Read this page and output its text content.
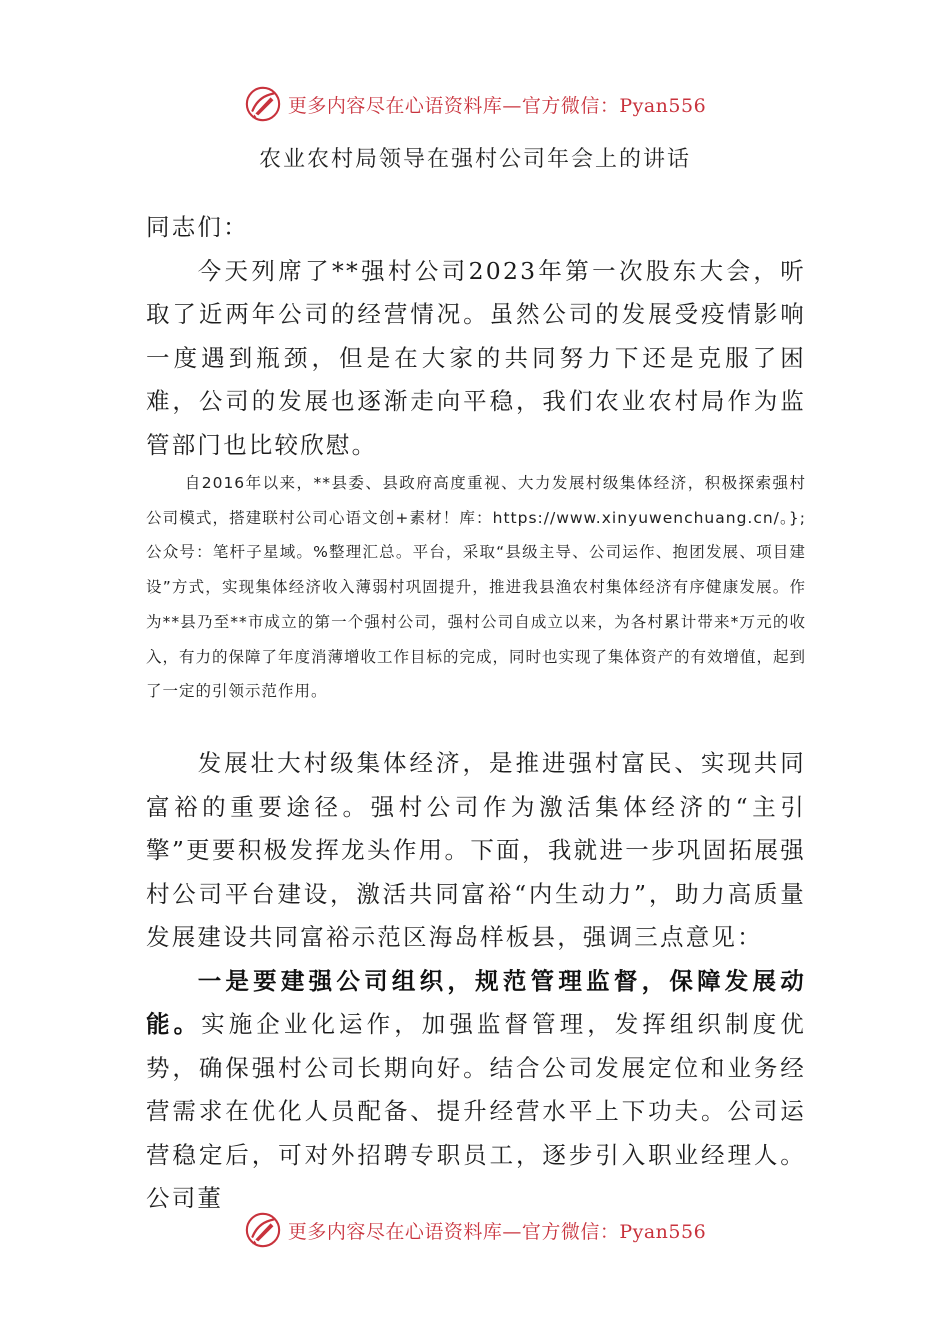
更多内容尽在心语资料库—官方微信：Pyan556
农业农村局领导在强村公司年会上的讲话

同志们：

今天列席了**强村公司2023年第一次股东大会，听取了近两年公司的经营情况。虽然公司的发展受疫情影响一度遇到瓶颈，但是在大家的共同努力下还是克服了困难，公司的发展也逐渐走向平稳，我们农业农村局作为监管部门也比较欣慰。

自2016年以来，**县委、县政府高度重视、大力发展村级集体经济，积极探索强村公司模式，搭建联村公司心语文创+素材！库：https://www.xinyuwenchuang.cn/。};公众号：笔杆子星域。%整理汇总。平台，采取“县级主导、公司运作、抱团发展、项目建设”方式，实现集体经济收入薄弱村巩固提升，推进我县渔农村集体经济有序健康发展。作为**县乃至**市成立的第一个强村公司，强村公司自成立以来，为各村累计带来*万元的收入，有力的保障了年度消薄增收工作目标的完成，同时也实现了集体资产的有效增值，起到了一定的引领示范作用。

发展壮大村级集体经济，是推进强村富民、实现共同富裕的重要途径。强村公司作为激活集体经济的“主引擎”更要积极发挥龙头作用。下面，我就进一步巩固拓展强村公司平台建设，激活共同富裕“内生动力”，助力高质量发展建设共同富裕示范区海岛样板县，强调三点意见：

一是要建强公司组织，规范管理监督，保障发展动能。实施企业化运作，加强监督管理，发挥组织制度优势，确保强村公司长期向好。结合公司发展定位和业务经营需求在优化人员配备、提升经营水平上下功夫。公司运营稳定后，可对外招聘专职员工，逐步引入职业经理人。公司董

更多内容尽在心语资料库—官方微信：Pyan556
